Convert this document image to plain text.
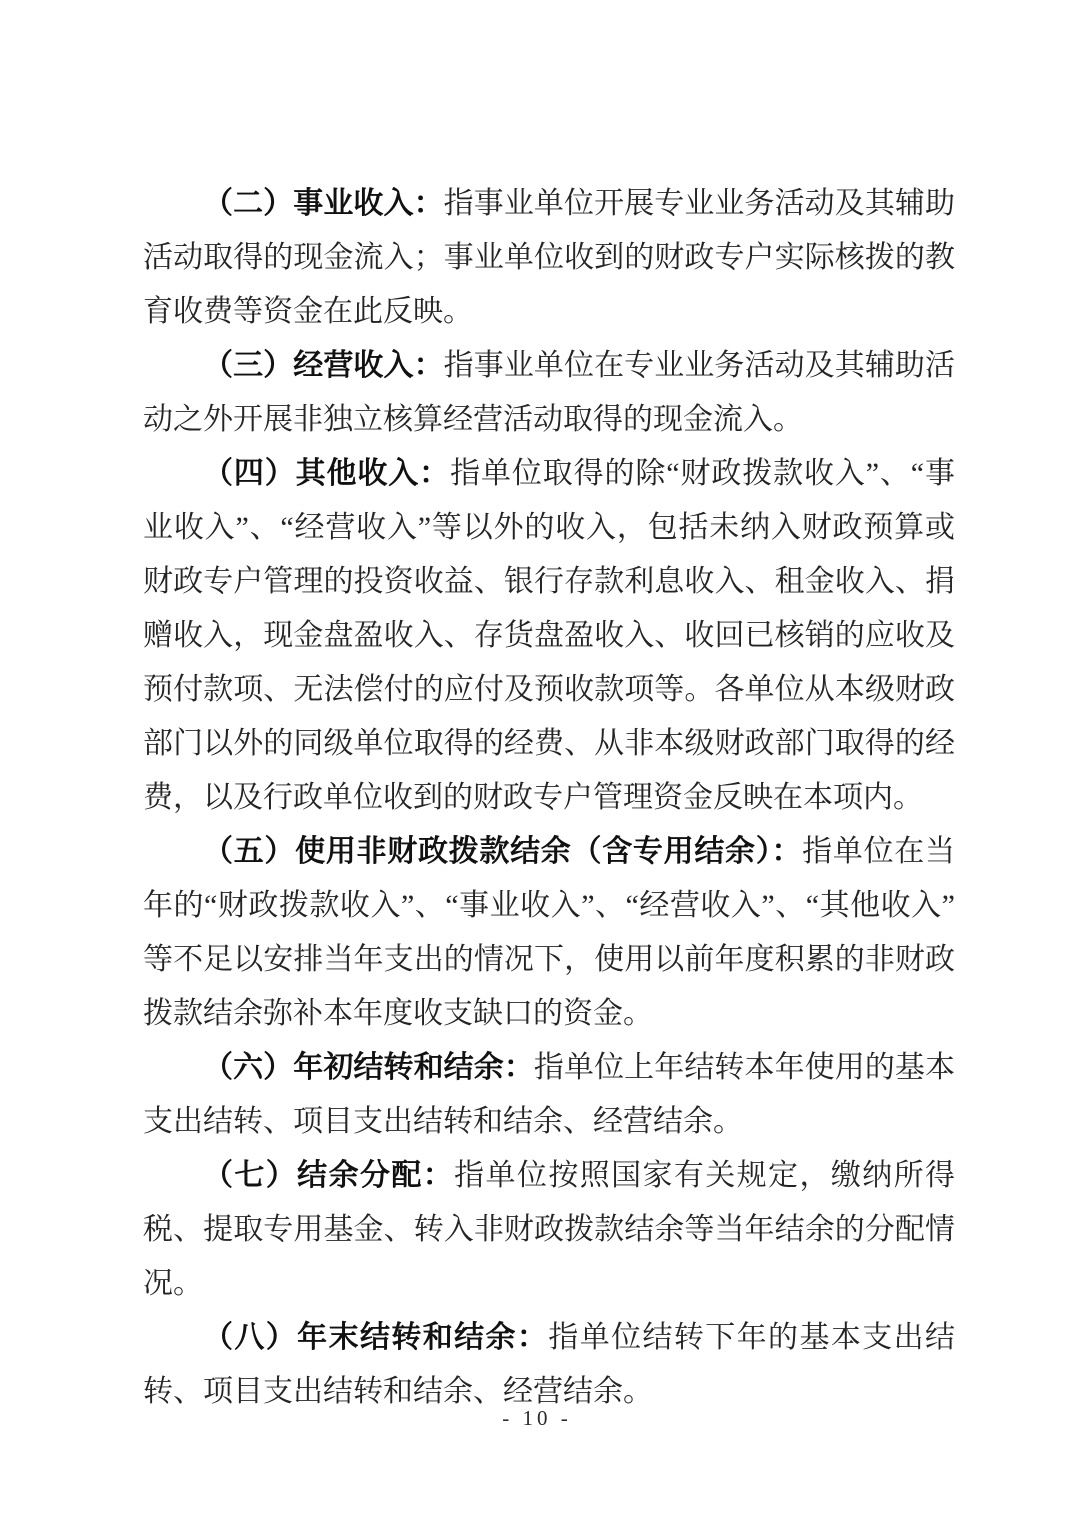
（二）事业收入：指事业单位开展专业业务活动及其辅助活动取得的现金流入；事业单位收到的财政专户实际核拨的教育收费等资金在此反映。

（三）经营收入：指事业单位在专业业务活动及其辅助活动之外开展非独立核算经营活动取得的现金流入。

（四）其他收入：指单位取得的除“财政拨款收入”、“事业收入”、“经营收入”等以外的收入，包括未纳入财政预算或财政专户管理的投资收益、银行存款利息收入、租金收入、捐赠收入，现金盘盈收入、存货盘盈收入、收回已核销的应收及预付款项、无法偿付的应付及预收款项等。各单位从本级财政部门以外的同级单位取得的经费、从非本级财政部门取得的经费，以及行政单位收到的财政专户管理资金反映在本项内。

（五）使用非财政拨款结余（含专用结余）：指单位在当年的“财政拨款收入”、“事业收入”、“经营收入”、“其他收入”等不足以安排当年支出的情况下，使用以前年度积累的非财政拨款结余弥补本年度收支缺口的资金。

（六）年初结转和结余：指单位上年结转本年使用的基本支出结转、项目支出结转和结余、经营结余。

（七）结余分配：指单位按照国家有关规定，缴纳所得税、提取专用基金、转入非财政拨款结余等当年结余的分配情况。

（八）年末结转和结余：指单位结转下年的基本支出结转、项目支出结转和结余、经营结余。

- 10 -
